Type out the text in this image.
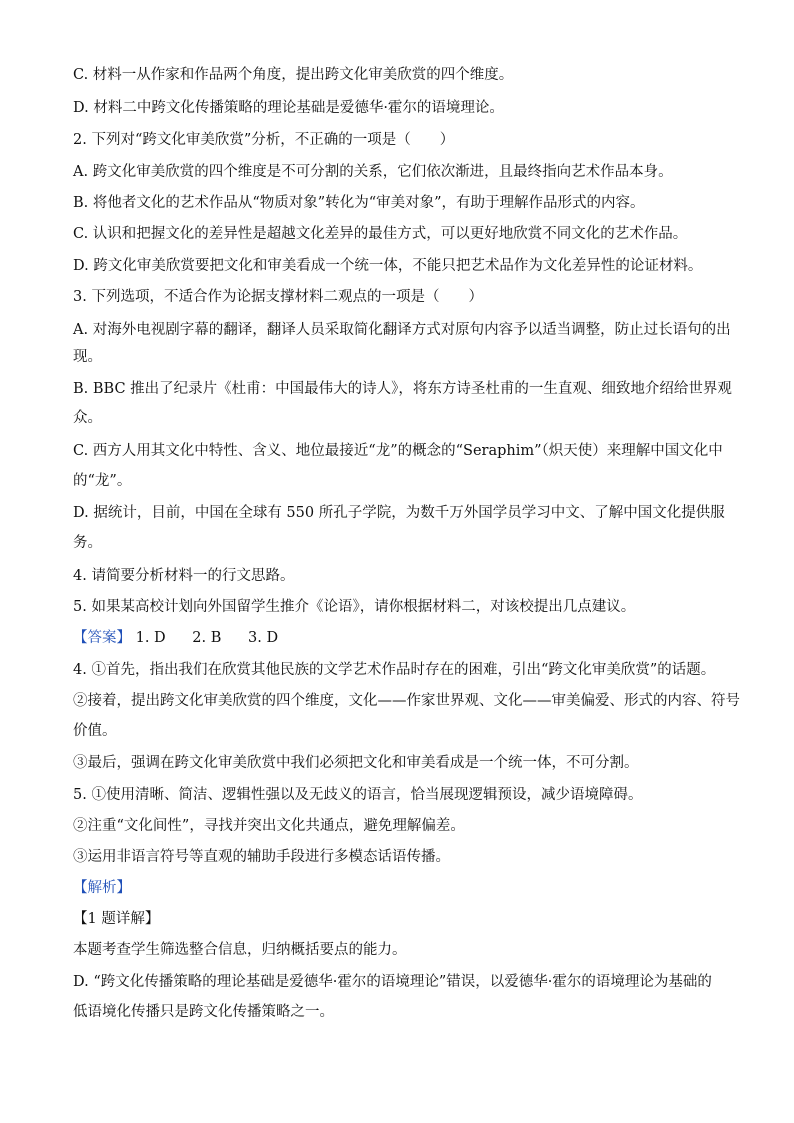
C. 材料一从作家和作品两个角度，提出跨文化审美欣赏的四个维度。
D. 材料二中跨文化传播策略的理论基础是爱德华·霍尔的语境理论。
2. 下列对“跨文化审美欣赏”分析，不正确的一项是（　　）
A. 跨文化审美欣赏的四个维度是不可分割的关系，它们依次渐进，且最终指向艺术作品本身。
B. 将他者文化的艺术作品从“物质对象”转化为“审美对象”，有助于理解作品形式的内容。
C. 认识和把握文化的差异性是超越文化差异的最佳方式，可以更好地欣赏不同文化的艺术作品。
D. 跨文化审美欣赏要把文化和审美看成一个统一体，不能只把艺术品作为文化差异性的论证材料。
3. 下列选项，不适合作为论据支撑材料二观点的一项是（　　）
A. 对海外电视剧字幕的翻译，翻译人员采取简化翻译方式对原句内容予以适当调整，防止过长语句的出
现。
B. BBC 推出了纪录片《杜甫：中国最伟大的诗人》，将东方诗圣杜甫的一生直观、细致地介绍给世界观
众。
C. 西方人用其文化中特性、含义、地位最接近“龙”的概念的“Seraphim”（炽天使）来理解中国文化中
的“龙”。
D. 据统计，目前，中国在全球有 550 所孔子学院，为数千万外国学员学习中文、了解中国文化提供服
务。
4. 请简要分析材料一的行文思路。
5. 如果某高校计划向外国留学生推介《论语》，请你根据材料二，对该校提出几点建议。
【答案】 1. D 2. B 3. D
4. ①首先，指出我们在欣赏其他民族的文学艺术作品时存在的困难，引出“跨文化审美欣赏”的话题。
②接着，提出跨文化审美欣赏的四个维度，文化——作家世界观、文化——审美偏爱、形式的内容、符号
价值。
③最后，强调在跨文化审美欣赏中我们必须把文化和审美看成是一个统一体，不可分割。
5. ①使用清晰、简洁、逻辑性强以及无歧义的语言，恰当展现逻辑预设，减少语境障碍。
②注重“文化间性”，寻找并突出文化共通点，避免理解偏差。
③运用非语言符号等直观的辅助手段进行多模态话语传播。
【解析】
【1 题详解】
本题考查学生筛选整合信息，归纳概括要点的能力。
D. “跨文化传播策略的理论基础是爱德华·霍尔的语境理论”错误，以爱德华·霍尔的语境理论为基础的
低语境化传播只是跨文化传播策略之一。
